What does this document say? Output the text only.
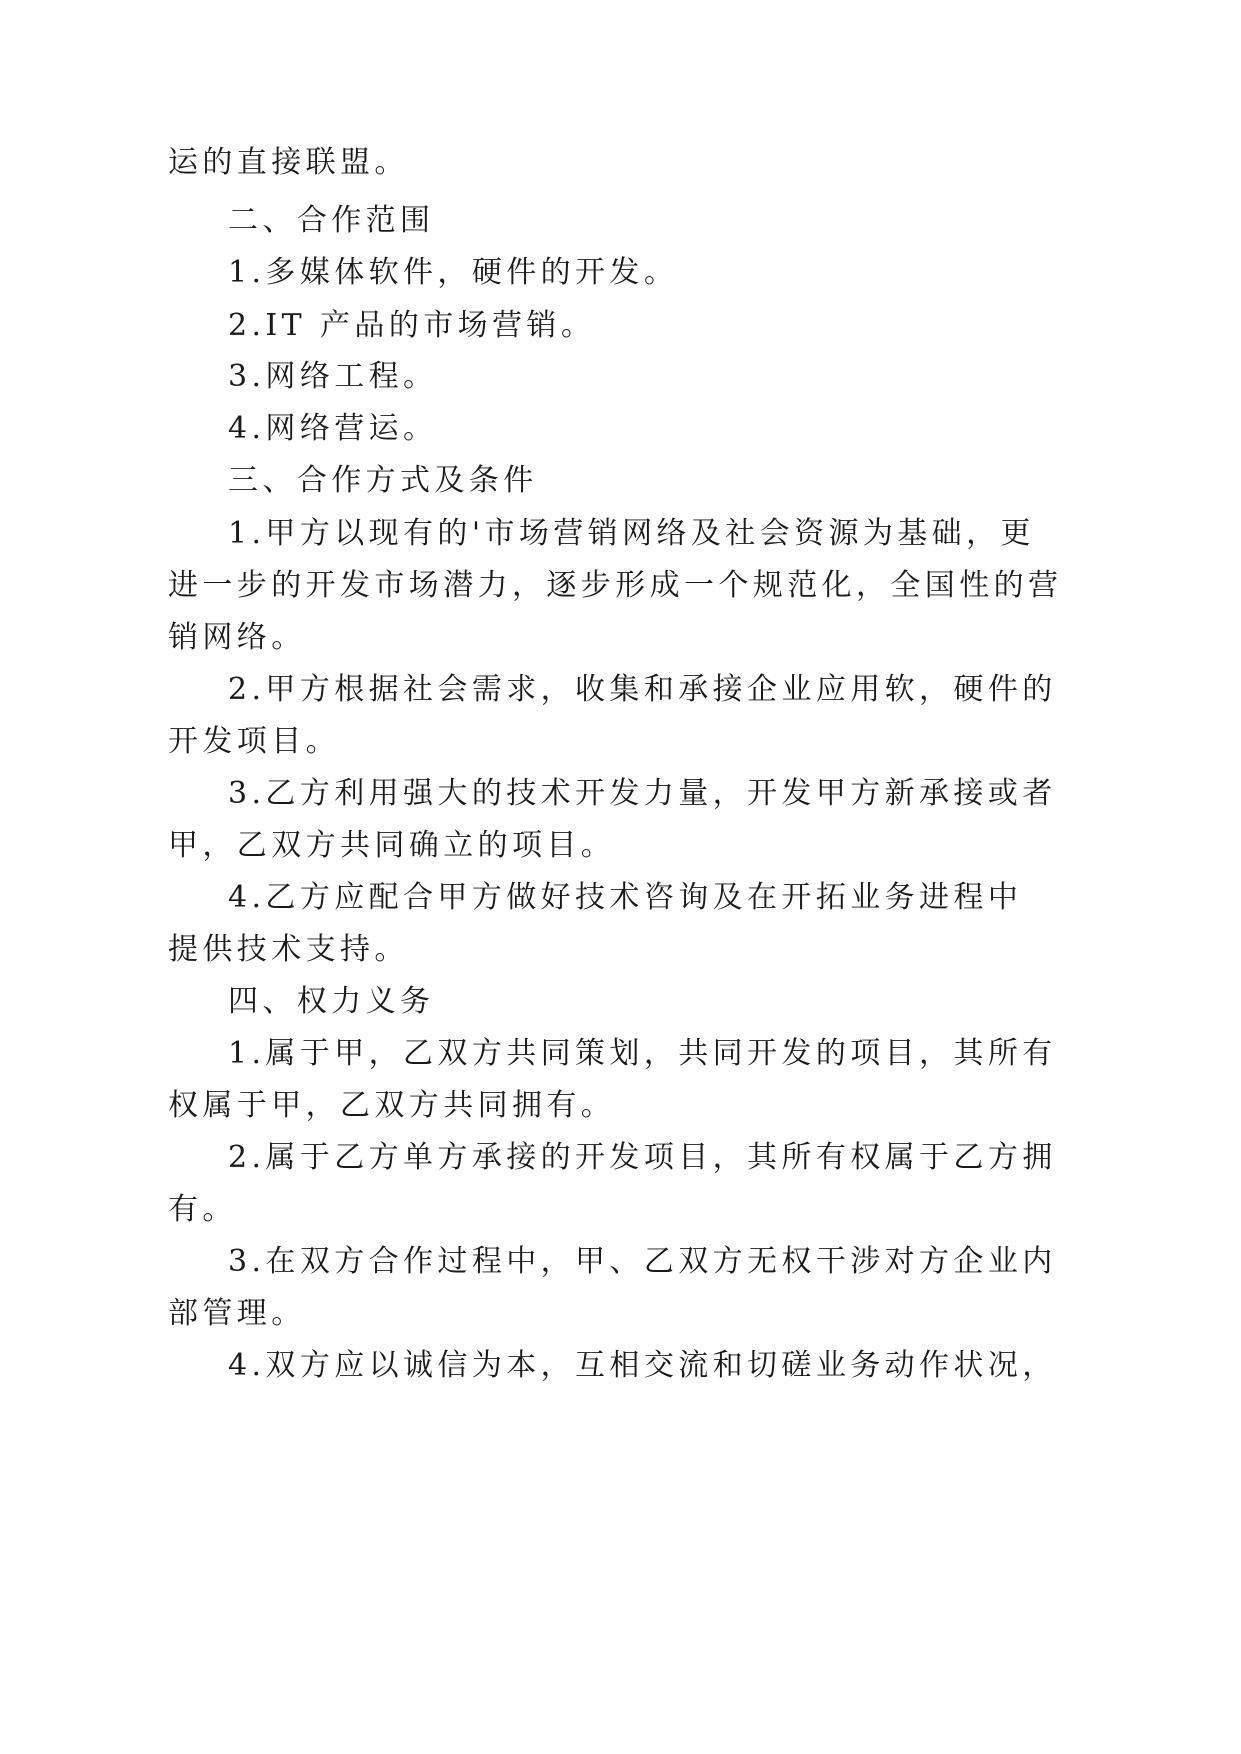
运的直接联盟。
二、合作范围
1.多媒体软件，硬件的开发。
2.IT 产品的市场营销。
3.网络工程。
4.网络营运。
三、合作方式及条件
1.甲方以现有的'市场营销网络及社会资源为基础，更
进一步的开发市场潜力，逐步形成一个规范化，全国性的营
销网络。
2.甲方根据社会需求，收集和承接企业应用软，硬件的
开发项目。
3.乙方利用强大的技术开发力量，开发甲方新承接或者
甲，乙双方共同确立的项目。
4.乙方应配合甲方做好技术咨询及在开拓业务进程中
提供技术支持。
四、权力义务
1.属于甲，乙双方共同策划，共同开发的项目，其所有
权属于甲，乙双方共同拥有。
2.属于乙方单方承接的开发项目，其所有权属于乙方拥
有。
3.在双方合作过程中，甲、乙双方无权干涉对方企业内
部管理。
4.双方应以诚信为本，互相交流和切磋业务动作状况，
